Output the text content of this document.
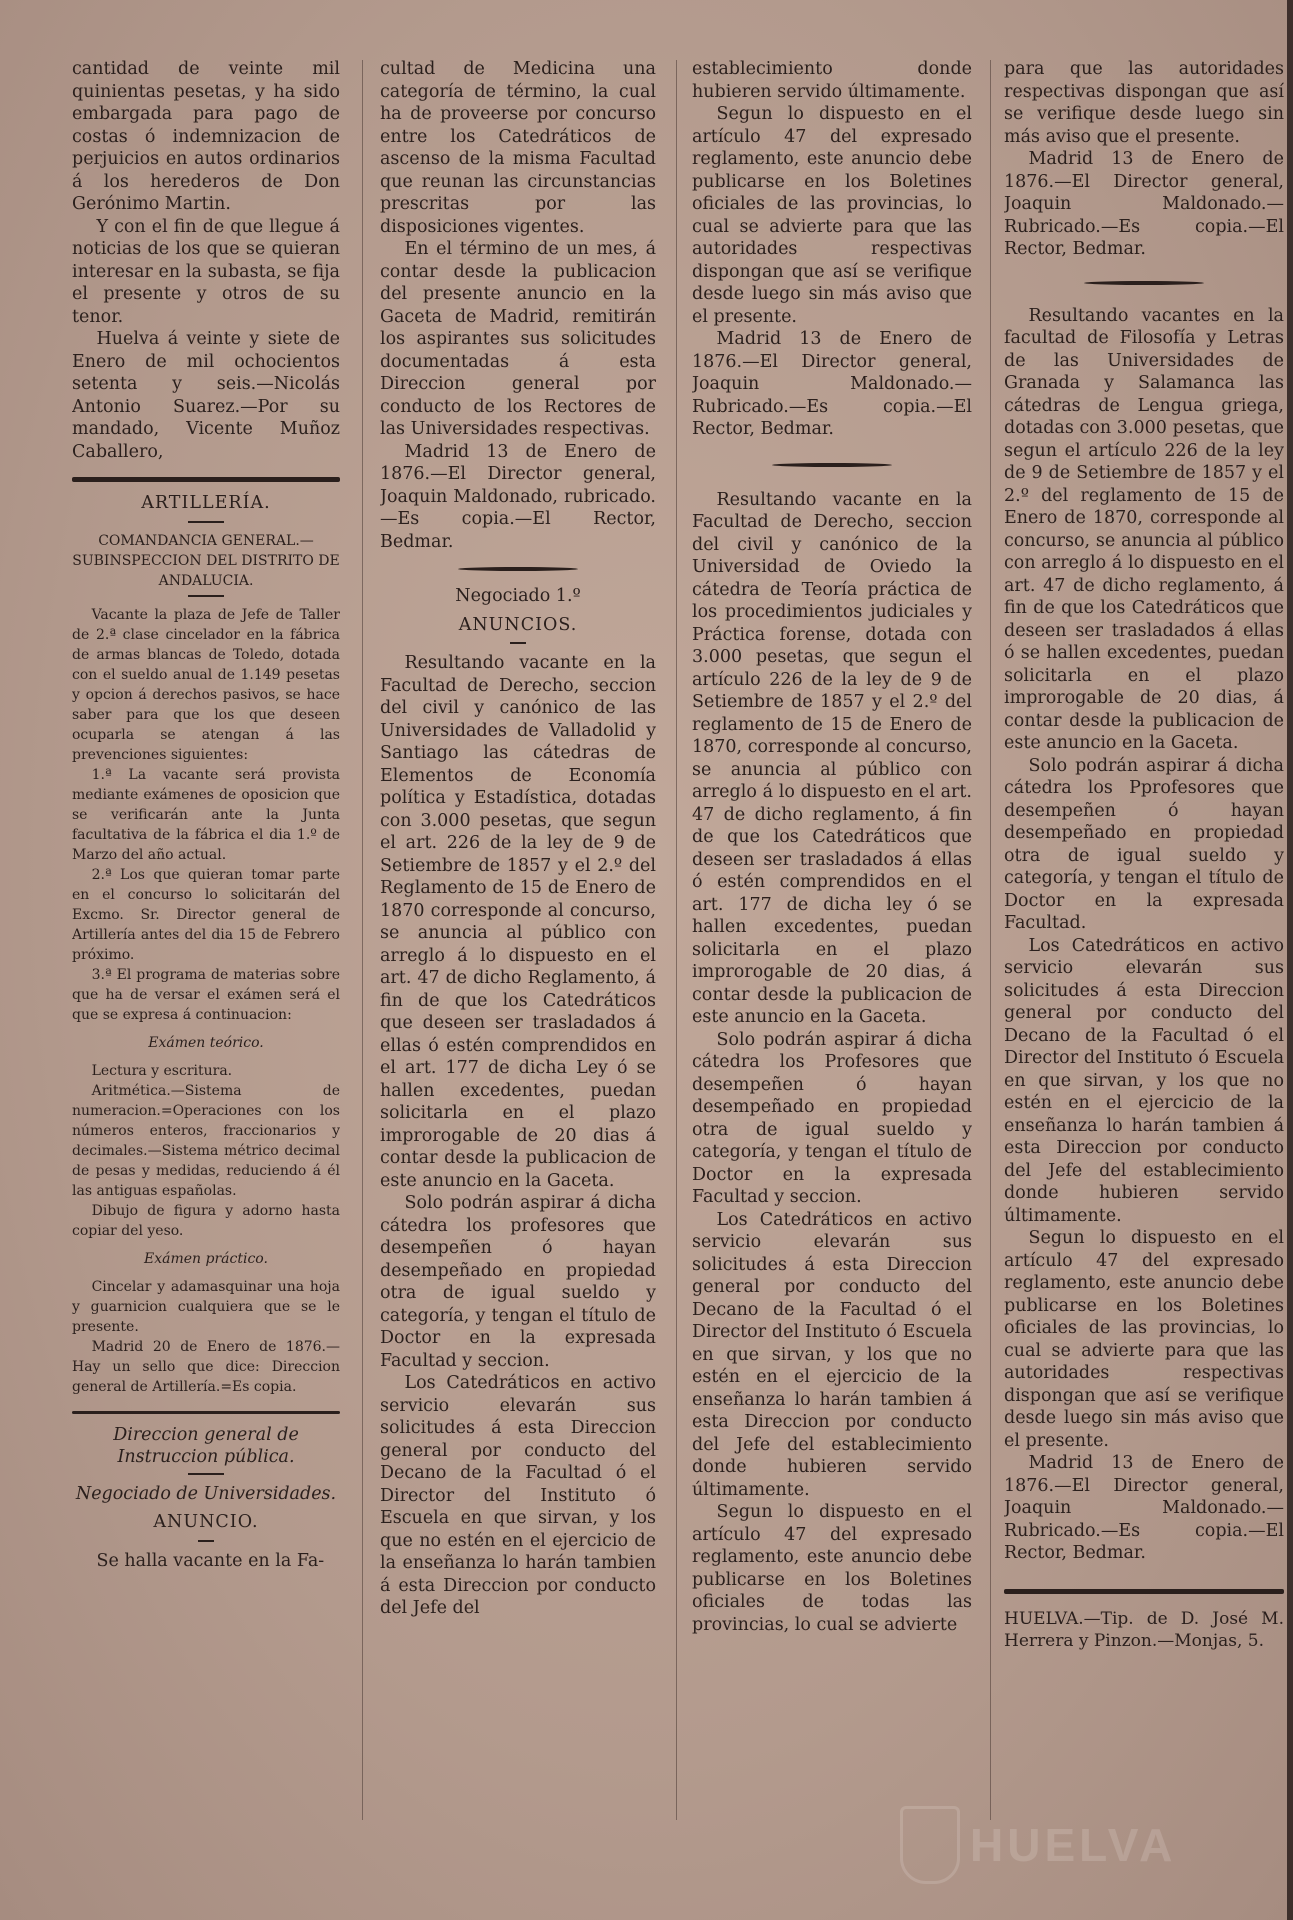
cantidad de veinte mil quinientas pesetas, y ha sido embargada para pago de costas ó indemnizacion de perjuicios en autos ordinarios á los herederos de Don Gerónimo Martin.

Y con el fin de que llegue á noticias de los que se quieran interesar en la subasta, se fija el presente y otros de su tenor.

Huelva á veinte y siete de Enero de mil ochocientos setenta y seis.—Nicolás Antonio Suarez.—Por su mandado, Vicente Muñoz Caballero,

ARTILLERÍA.

COMANDANCIA GENERAL.—SUBINSPECCION DEL DISTRITO DE ANDALUCIA.

Vacante la plaza de Jefe de Taller de 2.ª clase cincelador en la fábrica de armas blancas de Toledo, dotada con el sueldo anual de 1.149 pesetas y opcion á derechos pasivos, se hace saber para que los que deseen ocuparla se atengan á las prevenciones siguientes:

1.ª La vacante será provista mediante exámenes de oposicion que se verificarán ante la Junta facultativa de la fábrica el dia 1.º de Marzo del año actual.

2.ª Los que quieran tomar parte en el concurso lo solicitarán del Excmo. Sr. Director general de Artillería antes del dia 15 de Febrero próximo.

3.ª El programa de materias sobre que ha de versar el exámen será el que se expresa á continuacion:

Exámen teórico.

Lectura y escritura.

Aritmética.—Sistema de numeracion.=Operaciones con los números enteros, fraccionarios y decimales.—Sistema métrico decimal de pesas y medidas, reduciendo á él las antiguas españolas.

Dibujo de figura y adorno hasta copiar del yeso.

Exámen práctico.

Cincelar y adamasquinar una hoja y guarnicion cualquiera que se le presente.

Madrid 20 de Enero de 1876.—Hay un sello que dice: Direccion general de Artillería.=Es copia.

Direccion general de Instruccion pública.

Negociado de Universidades.

ANUNCIO.

Se halla vacante en la Fa-

cultad de Medicina una categoría de término, la cual ha de proveerse por concurso entre los Catedráticos de ascenso de la misma Facultad que reunan las circunstancias prescritas por las disposiciones vigentes.

En el término de un mes, á contar desde la publicacion del presente anuncio en la Gaceta de Madrid, remitirán los aspirantes sus solicitudes documentadas á esta Direccion general por conducto de los Rectores de las Universidades respectivas.

Madrid 13 de Enero de 1876.—El Director general, Joaquin Maldonado, rubricado.—Es copia.—El Rector, Bedmar.

Negociado 1.º

ANUNCIOS.

Resultando vacante en la Facultad de Derecho, seccion del civil y canónico de las Universidades de Valladolid y Santiago las cátedras de Elementos de Economía política y Estadística, dotadas con 3.000 pesetas, que segun el art. 226 de la ley de 9 de Setiembre de 1857 y el 2.º del Reglamento de 15 de Enero de 1870 corresponde al concurso, se anuncia al público con arreglo á lo dispuesto en el art. 47 de dicho Reglamento, á fin de que los Catedráticos que deseen ser trasladados á ellas ó estén comprendidos en el art. 177 de dicha Ley ó se hallen excedentes, puedan solicitarla en el plazo improrogable de 20 dias á contar desde la publicacion de este anuncio en la Gaceta.

Solo podrán aspirar á dicha cátedra los profesores que desempeñen ó hayan desempeñado en propiedad otra de igual sueldo y categoría, y tengan el título de Doctor en la expresada Facultad y seccion.

Los Catedráticos en activo servicio elevarán sus solicitudes á esta Direccion general por conducto del Decano de la Facultad ó el Director del Instituto ó Escuela en que sirvan, y los que no estén en el ejercicio de la enseñanza lo harán tambien á esta Direccion por conducto del Jefe del

establecimiento donde hubieren servido últimamente.

Segun lo dispuesto en el artículo 47 del expresado reglamento, este anuncio debe publicarse en los Boletines oficiales de las provincias, lo cual se advierte para que las autoridades respectivas dispongan que así se verifique desde luego sin más aviso que el presente.

Madrid 13 de Enero de 1876.—El Director general, Joaquin Maldonado.—Rubricado.—Es copia.—El Rector, Bedmar.

Resultando vacante en la Facultad de Derecho, seccion del civil y canónico de la Universidad de Oviedo la cátedra de Teoría práctica de los procedimientos judiciales y Práctica forense, dotada con 3.000 pesetas, que segun el artículo 226 de la ley de 9 de Setiembre de 1857 y el 2.º del reglamento de 15 de Enero de 1870, corresponde al concurso, se anuncia al público con arreglo á lo dispuesto en el art. 47 de dicho reglamento, á fin de que los Catedráticos que deseen ser trasladados á ellas ó estén comprendidos en el art. 177 de dicha ley ó se hallen excedentes, puedan solicitarla en el plazo improrogable de 20 dias, á contar desde la publicacion de este anuncio en la Gaceta.

Solo podrán aspirar á dicha cátedra los Profesores que desempeñen ó hayan desempeñado en propiedad otra de igual sueldo y categoría, y tengan el título de Doctor en la expresada Facultad y seccion.

Los Catedráticos en activo servicio elevarán sus solicitudes á esta Direccion general por conducto del Decano de la Facultad ó el Director del Instituto ó Escuela en que sirvan, y los que no estén en el ejercicio de la enseñanza lo harán tambien á esta Direccion por conducto del Jefe del establecimiento donde hubieren servido últimamente.

Segun lo dispuesto en el artículo 47 del expresado reglamento, este anuncio debe publicarse en los Boletines oficiales de todas las provincias, lo cual se advierte

para que las autoridades respectivas dispongan que así se verifique desde luego sin más aviso que el presente.

Madrid 13 de Enero de 1876.—El Director general, Joaquin Maldonado.—Rubricado.—Es copia.—El Rector, Bedmar.

Resultando vacantes en la facultad de Filosofía y Letras de las Universidades de Granada y Salamanca las cátedras de Lengua griega, dotadas con 3.000 pesetas, que segun el artículo 226 de la ley de 9 de Setiembre de 1857 y el 2.º del reglamento de 15 de Enero de 1870, corresponde al concurso, se anuncia al público con arreglo á lo dispuesto en el art. 47 de dicho reglamento, á fin de que los Catedráticos que deseen ser trasladados á ellas ó se hallen excedentes, puedan solicitarla en el plazo improrogable de 20 dias, á contar desde la publicacion de este anuncio en la Gaceta.

Solo podrán aspirar á dicha cátedra los Pprofesores que desempeñen ó hayan desempeñado en propiedad otra de igual sueldo y categoría, y tengan el título de Doctor en la expresada Facultad.

Los Catedráticos en activo servicio elevarán sus solicitudes á esta Direccion general por conducto del Decano de la Facultad ó el Director del Instituto ó Escuela en que sirvan, y los que no estén en el ejercicio de la enseñanza lo harán tambien á esta Direccion por conducto del Jefe del establecimiento donde hubieren servido últimamente.

Segun lo dispuesto en el artículo 47 del expresado reglamento, este anuncio debe publicarse en los Boletines oficiales de las provincias, lo cual se advierte para que las autoridades respectivas dispongan que así se verifique desde luego sin más aviso que el presente.

Madrid 13 de Enero de 1876.—El Director general, Joaquin Maldonado.—Rubricado.—Es copia.—El Rector, Bedmar.

HUELVA.—Tip. de D. José M. Herrera y Pinzon.—Monjas, 5.

HUELVA
